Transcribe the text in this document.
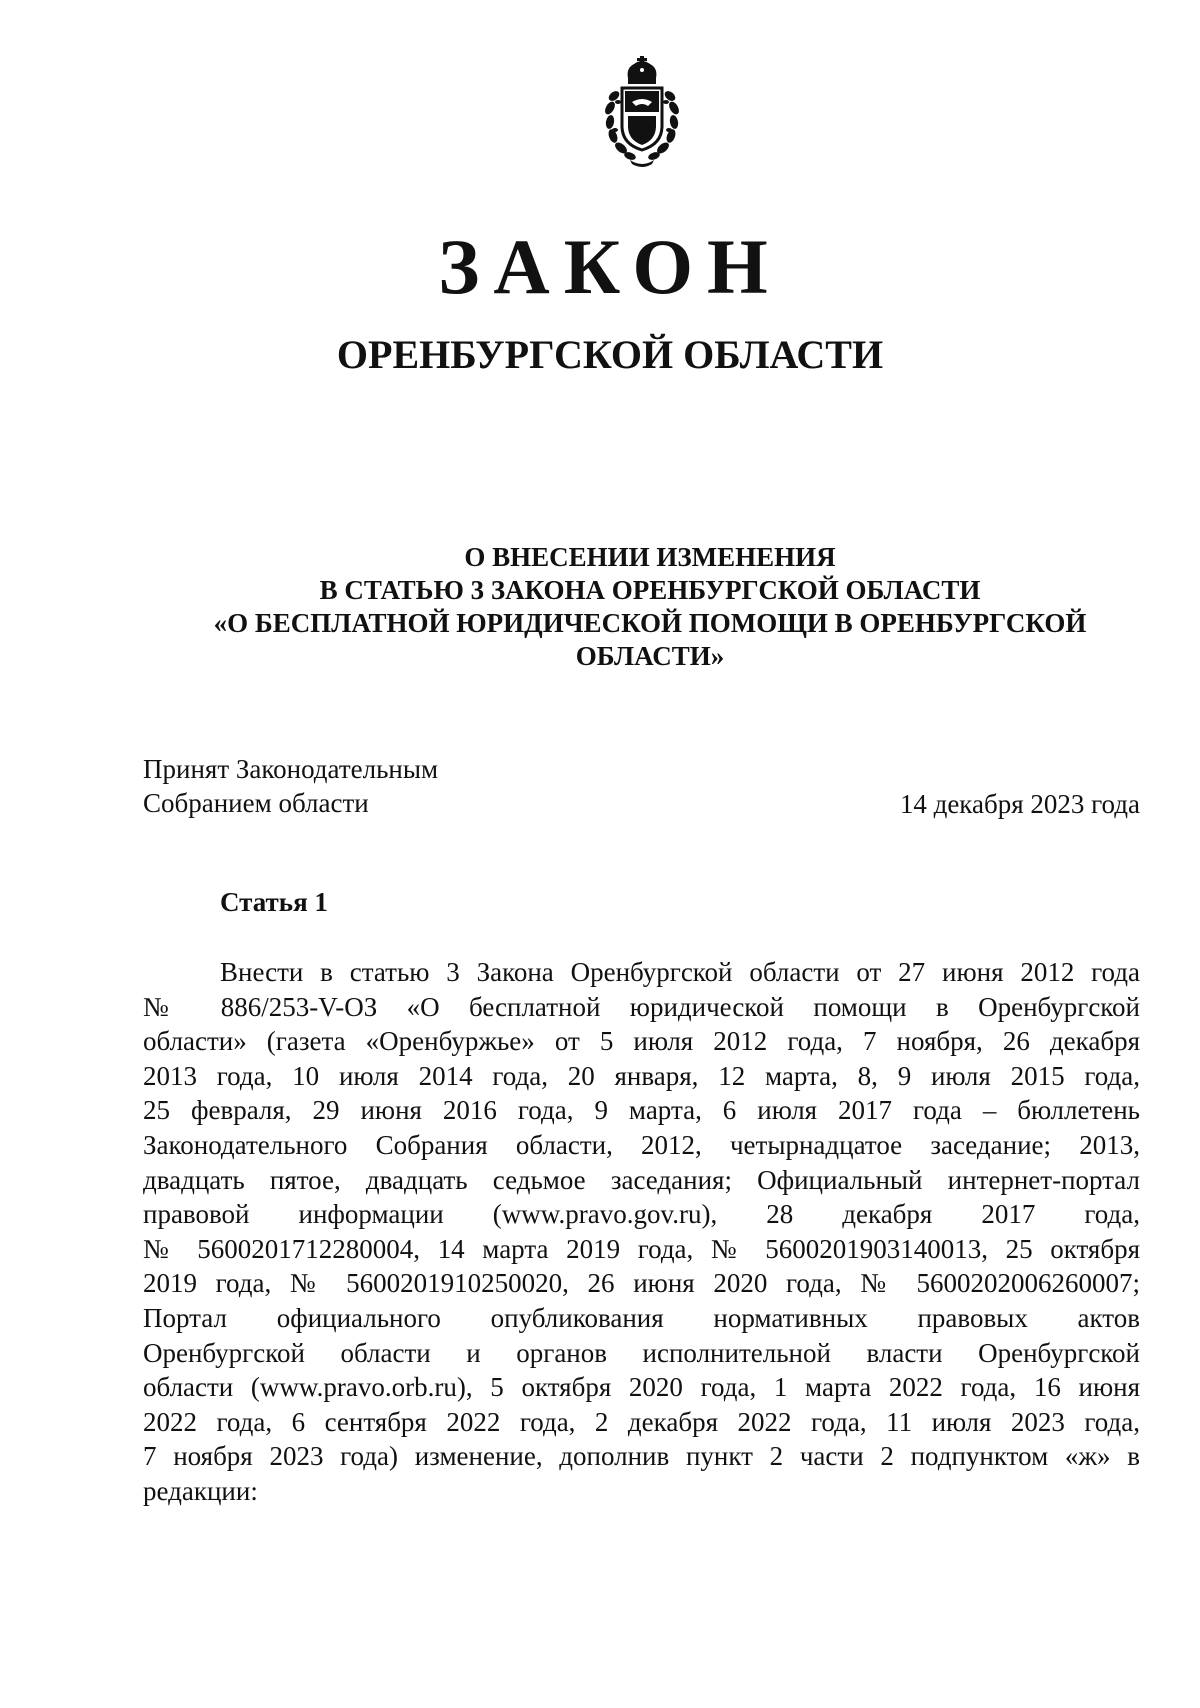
ЗАКОН
ОРЕНБУРГСКОЙ ОБЛАСТИ
О ВНЕСЕНИИ ИЗМЕНЕНИЯ
В СТАТЬЮ 3 ЗАКОНА ОРЕНБУРГСКОЙ ОБЛАСТИ
«О БЕСПЛАТНОЙ ЮРИДИЧЕСКОЙ ПОМОЩИ В ОРЕНБУРГСКОЙ
ОБЛАСТИ»
Принят Законодательным
Собранием области	14 декабря 2023 года
Статья 1
Внести в статью 3 Закона Оренбургской области от 27 июня 2012 года
№ 886/253-V-ОЗ «О бесплатной юридической помощи в Оренбургской
области» (газета «Оренбуржье» от 5 июля 2012 года, 7 ноября, 26 декабря
2013 года, 10 июля 2014 года, 20 января, 12 марта, 8, 9 июля 2015 года,
25 февраля, 29 июня 2016 года, 9 марта, 6 июля 2017 года – бюллетень
Законодательного Собрания области, 2012, четырнадцатое заседание; 2013,
двадцать пятое, двадцать седьмое заседания; Официальный интернет-портал
правовой информации (www.pravo.gov.ru), 28 декабря 2017 года,
№ 5600201712280004, 14 марта 2019 года, № 5600201903140013, 25 октября
2019 года, № 5600201910250020, 26 июня 2020 года, № 5600202006260007;
Портал официального опубликования нормативных правовых актов
Оренбургской области и органов исполнительной власти Оренбургской
области (www.pravo.orb.ru), 5 октября 2020 года, 1 марта 2022 года, 16 июня
2022 года, 6 сентября 2022 года, 2 декабря 2022 года, 11 июля 2023 года,
7 ноября 2023 года) изменение, дополнив пункт 2 части 2 подпунктом «ж» в
редакции:
